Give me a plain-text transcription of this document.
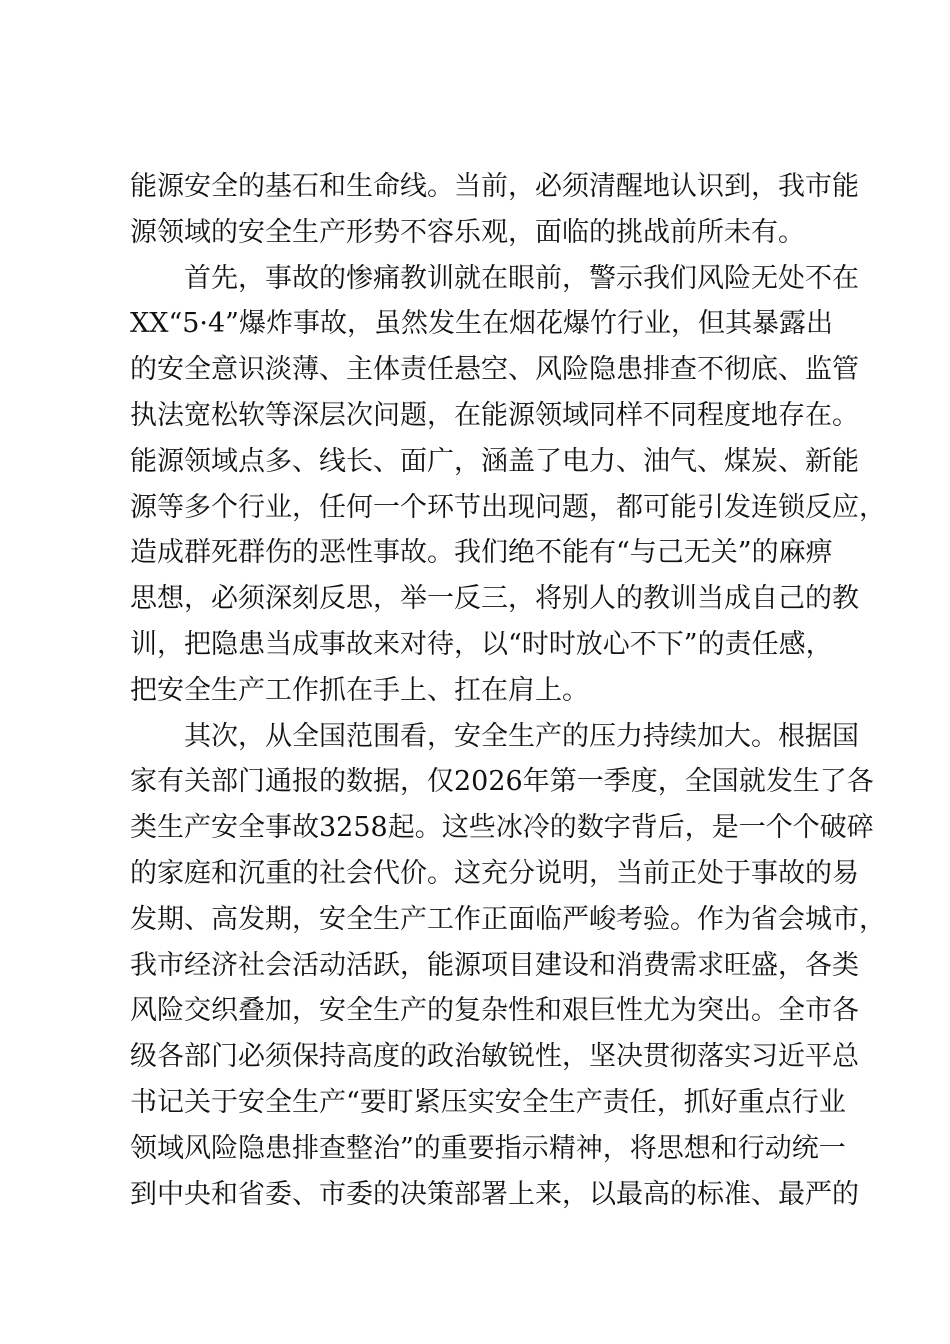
能源安全的基石和生命线。当前，必须清醒地认识到，我市能
源领域的安全生产形势不容乐观，面临的挑战前所未有。
首先，事故的惨痛教训就在眼前，警示我们风险无处不在
XX“5·4”爆炸事故，虽然发生在烟花爆竹行业，但其暴露出
的安全意识淡薄、主体责任悬空、风险隐患排查不彻底、监管
执法宽松软等深层次问题，在能源领域同样不同程度地存在。
能源领域点多、线长、面广，涵盖了电力、油气、煤炭、新能
源等多个行业，任何一个环节出现问题，都可能引发连锁反应，
造成群死群伤的恶性事故。我们绝不能有“与己无关”的麻痹
思想，必须深刻反思，举一反三，将别人的教训当成自己的教
训，把隐患当成事故来对待，以“时时放心不下”的责任感，
把安全生产工作抓在手上、扛在肩上。
其次，从全国范围看，安全生产的压力持续加大。根据国
家有关部门通报的数据，仅2026年第一季度，全国就发生了各
类生产安全事故3258起。这些冰冷的数字背后，是一个个破碎
的家庭和沉重的社会代价。这充分说明，当前正处于事故的易
发期、高发期，安全生产工作正面临严峻考验。作为省会城市，
我市经济社会活动活跃，能源项目建设和消费需求旺盛，各类
风险交织叠加，安全生产的复杂性和艰巨性尤为突出。全市各
级各部门必须保持高度的政治敏锐性，坚决贯彻落实习近平总
书记关于安全生产“要盯紧压实安全生产责任，抓好重点行业
领域风险隐患排查整治”的重要指示精神，将思想和行动统一
到中央和省委、市委的决策部署上来，以最高的标准、最严的
